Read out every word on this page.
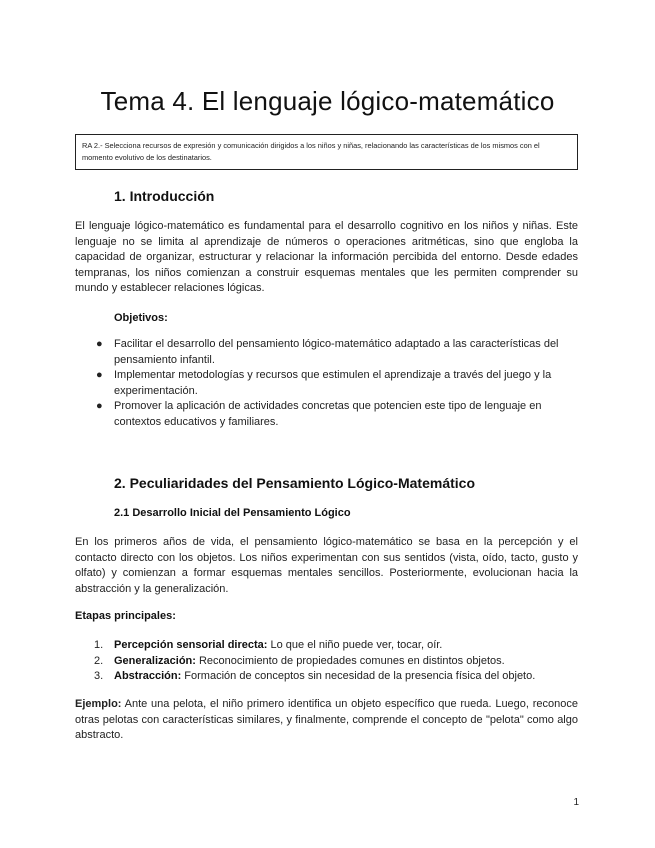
Tema 4. El lenguaje lógico-matemático
RA 2.- Selecciona recursos de expresión y comunicación dirigidos a los niños y niñas, relacionando las características de los mismos con el momento evolutivo de los destinatarios.
1. Introducción
El lenguaje lógico-matemático es fundamental para el desarrollo cognitivo en los niños y niñas. Este lenguaje no se limita al aprendizaje de números o operaciones aritméticas, sino que engloba la capacidad de organizar, estructurar y relacionar la información percibida del entorno. Desde edades tempranas, los niños comienzan a construir esquemas mentales que les permiten comprender su mundo y establecer relaciones lógicas.
Objetivos:
● Facilitar el desarrollo del pensamiento lógico-matemático adaptado a las características del pensamiento infantil.
● Implementar metodologías y recursos que estimulen el aprendizaje a través del juego y la experimentación.
● Promover la aplicación de actividades concretas que potencien este tipo de lenguaje en contextos educativos y familiares.
2. Peculiaridades del Pensamiento Lógico-Matemático
2.1 Desarrollo Inicial del Pensamiento Lógico
En los primeros años de vida, el pensamiento lógico-matemático se basa en la percepción y el contacto directo con los objetos. Los niños experimentan con sus sentidos (vista, oído, tacto, gusto y olfato) y comienzan a formar esquemas mentales sencillos. Posteriormente, evolucionan hacia la abstracción y la generalización.
Etapas principales:
1. Percepción sensorial directa: Lo que el niño puede ver, tocar, oír.
2. Generalización: Reconocimiento de propiedades comunes en distintos objetos.
3. Abstracción: Formación de conceptos sin necesidad de la presencia física del objeto.
Ejemplo: Ante una pelota, el niño primero identifica un objeto específico que rueda. Luego, reconoce otras pelotas con características similares, y finalmente, comprende el concepto de "pelota" como algo abstracto.
1
